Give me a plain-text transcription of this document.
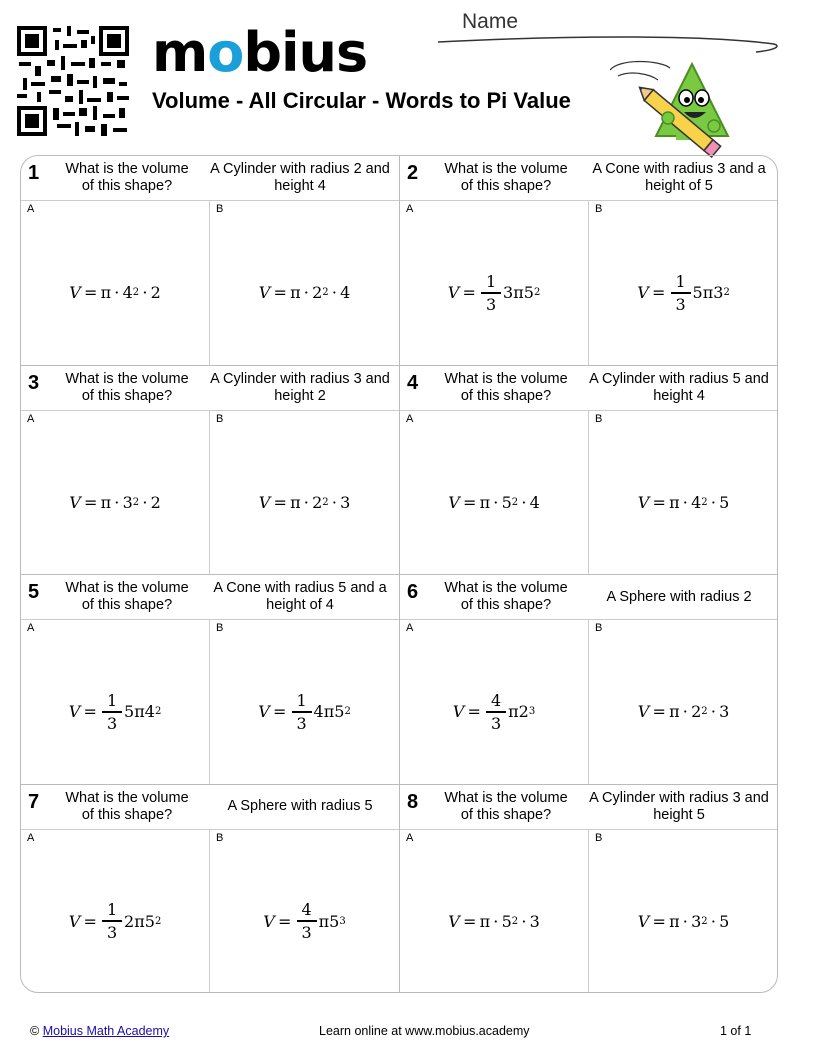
mobius
Volume - All Circular - Words to Pi Value
Name
1 What is the volume of this shape?
A Cylinder with radius 2 and height 4
A
V  =  π ·  4 2  ·  2
B
V  =  π ·  2 2  ·  4
2 What is the volume of this shape?
A Cone with radius 3 and a height of 5
A
$V = \frac{1}{3} 3$ π 5 2
B
$V = \frac{1}{3} 5$ π 3 2
3 What is the volume of this shape?
A Cylinder with radius 3 and height 2
A
V  =  π ·  3 2  ·  2
B
V  =  π ·  2 2  ·  3
4 What is the volume of this shape?
A Cylinder with radius 5 and height 4
A
V  =  π ·  5 2  ·  4
B
V  =  π ·  4 2  ·  5
5 What is the volume of this shape?
A Cone with radius 5 and a height of 4
A
$V = \frac{1}{3} 5$ π 4 2
B
$V = \frac{1}{3} 4$ π 5 2
6 What is the volume of this shape?
A Sphere with radius 2
A
$V = \frac{4}{3}$ π 2 3
B
V  =  π ·  2 2  ·  3
7 What is the volume of this shape?
A Sphere with radius 5
A
$V = \frac{1}{3} 2$ π 5 2
B
$V = \frac{4}{3}$ π 5 3
8 What is the volume of this shape?
A Cylinder with radius 3 and height 5
A
V  =  π ·  5 2  ·  3
B
V  =  π ·  3 2  ·  5
© Mobius Math Academy	Learn online at www.mobius.academy	1 of 1
